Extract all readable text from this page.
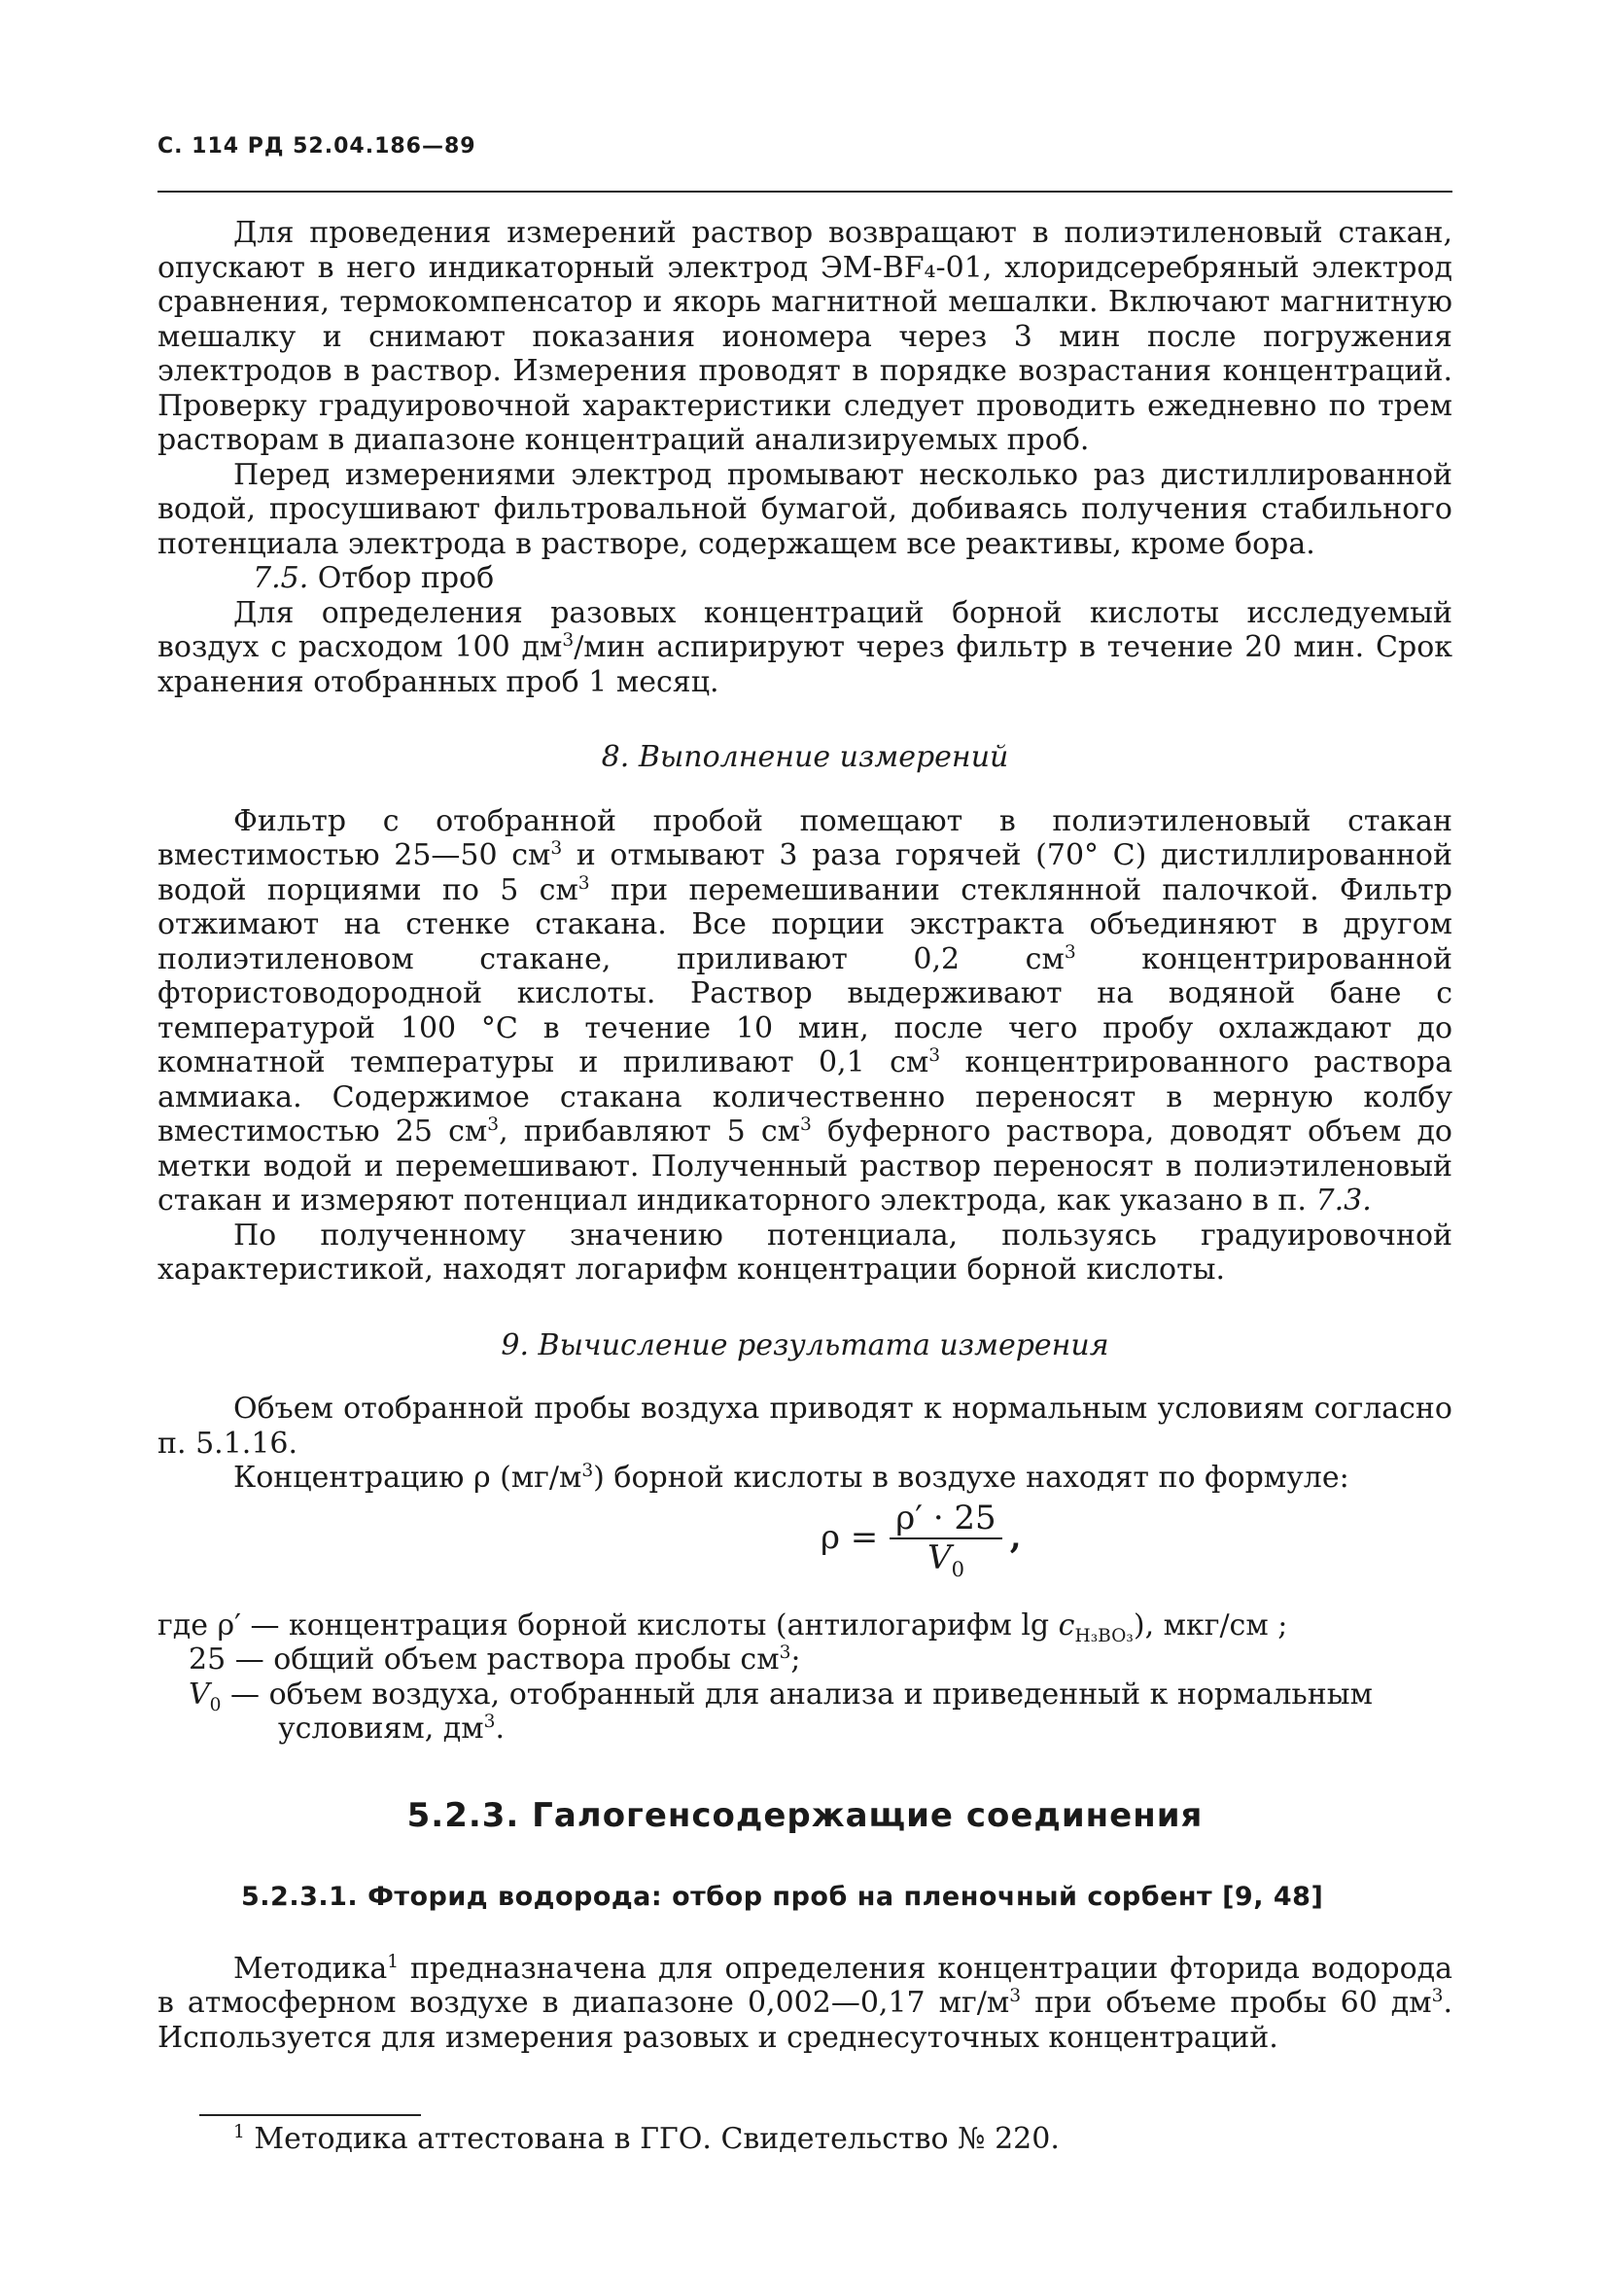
С. 114 РД 52.04.186—89

Для проведения измерений раствор возвращают в полиэтиленовый стакан, опускают в него индикаторный электрод ЭМ-BF₄-01, хлоридсеребряный электрод сравнения, термокомпенсатор и якорь магнитной мешалки. Включают магнитную мешалку и снимают показания иономера через 3 мин после погружения электродов в раствор. Измерения проводят в порядке возрастания концентраций. Проверку градуировочной характеристики следует проводить ежедневно по трем растворам в диапазоне концентраций анализируемых проб.

Перед измерениями электрод промывают несколько раз дистиллированной водой, просушивают фильтровальной бумагой, добиваясь получения стабильного потенциала электрода в растворе, содержащем все реактивы, кроме бора.

7.5. Отбор проб

Для определения разовых концентраций борной кислоты исследуемый воздух с расходом 100 $дм^3$/мин аспирируют через фильтр в течение 20 мин. Срок хранения отобранных проб 1 месяц.

8. Выполнение измерений

Фильтр с отобранной пробой помещают в полиэтиленовый стакан вместимостью 25—50 $см^3$ и отмывают 3 раза горячей (70° С) дистиллированной водой порциями по 5 $см^3$ при перемешивании стеклянной палочкой. Фильтр отжимают на стенке стакана. Все порции экстракта объединяют в другом полиэтиленовом стакане, приливают 0,2 $см^3$ концентрированной фтористоводородной кислоты. Раствор выдерживают на водяной бане с температурой 100 °С в течение 10 мин, после чего пробу охлаждают до комнатной температуры и приливают 0,1 $см^3$ концентрированного раствора аммиака. Содержимое стакана количественно переносят в мерную колбу вместимостью 25 $см^3$, прибавляют 5 $см^3$ буферного раствора, доводят объем до метки водой и перемешивают. Полученный раствор переносят в полиэтиленовый стакан и измеряют потенциал индикаторного электрода, как указано в п. 7.3.

По полученному значению потенциала, пользуясь градуировочной характеристикой, находят логарифм концентрации борной кислоты.

9. Вычисление результата измерения

Объем отобранной пробы воздуха приводят к нормальным условиям согласно п. 5.1.16.

Концентрацию ρ $(мг/м^3)$ борной кислоты в воздухе находят по формуле:

$\rho = \frac{\rho' \cdot 25}{V_0}$ ,
где ρ′ — концентрация борной кислоты (антилогарифм $\lg c_{H_3BO_3}$), мкг/см ;
25 — общий объем раствора пробы $см^3$;
$V_0$ — объем воздуха, отобранный для анализа и приведенный к нормальным
условиям, $дм^3$.
5.2.3. Галогенсодержащие соединения
5.2.3.1. Фторид водорода: отбор проб на пленочный сорбент [9, 48]

Методика$^1$ предназначена для определения концентрации фторида водорода в атмосферном воздухе в диапазоне 0,002—0,17 $мг/м^3$ при объеме пробы 60 $дм^3$. Используется для измерения разовых и среднесуточных концентраций.

$^1$ Методика аттестована в ГГО. Свидетельство № 220.
